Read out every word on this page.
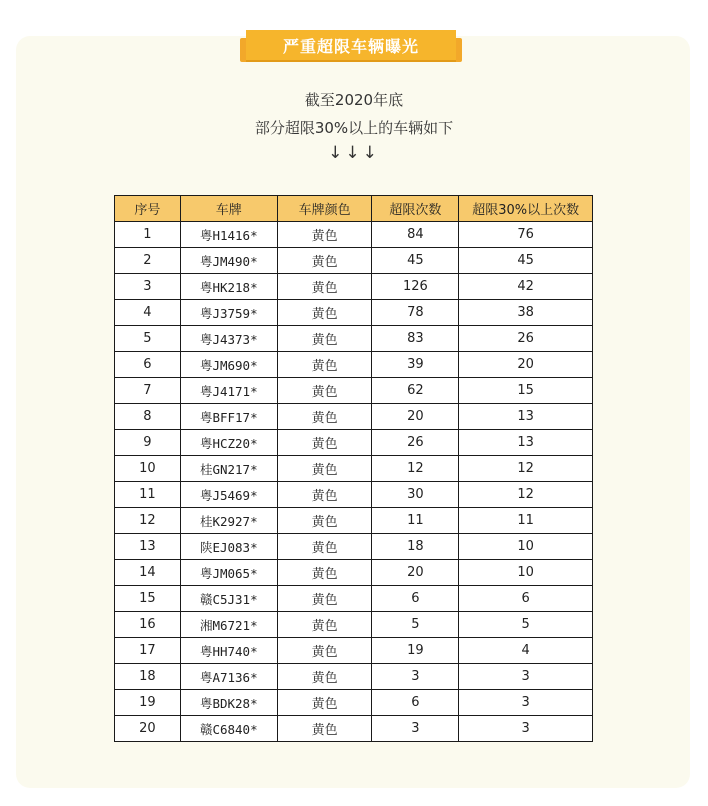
严重超限车辆曝光
截至2020年底
部分超限30%以上的车辆如下
↓↓↓
序号	车牌	车牌颜色	超限次数	超限30%以上次数
1	粤H1416*	黄色	84	76
2	粤JM490*	黄色	45	45
3	粤HK218*	黄色	126	42
4	粤J3759*	黄色	78	38
5	粤J4373*	黄色	83	26
6	粤JM690*	黄色	39	20
7	粤J4171*	黄色	62	15
8	粤BFF17*	黄色	20	13
9	粤HCZ20*	黄色	26	13
10	桂GN217*	黄色	12	12
11	粤J5469*	黄色	30	12
12	桂K2927*	黄色	11	11
13	陕EJ083*	黄色	18	10
14	粤JM065*	黄色	20	10
15	赣C5J31*	黄色	6	6
16	湘M6721*	黄色	5	5
17	粤HH740*	黄色	19	4
18	粤A7136*	黄色	3	3
19	粤BDK28*	黄色	6	3
20	赣C6840*	黄色	3	3
